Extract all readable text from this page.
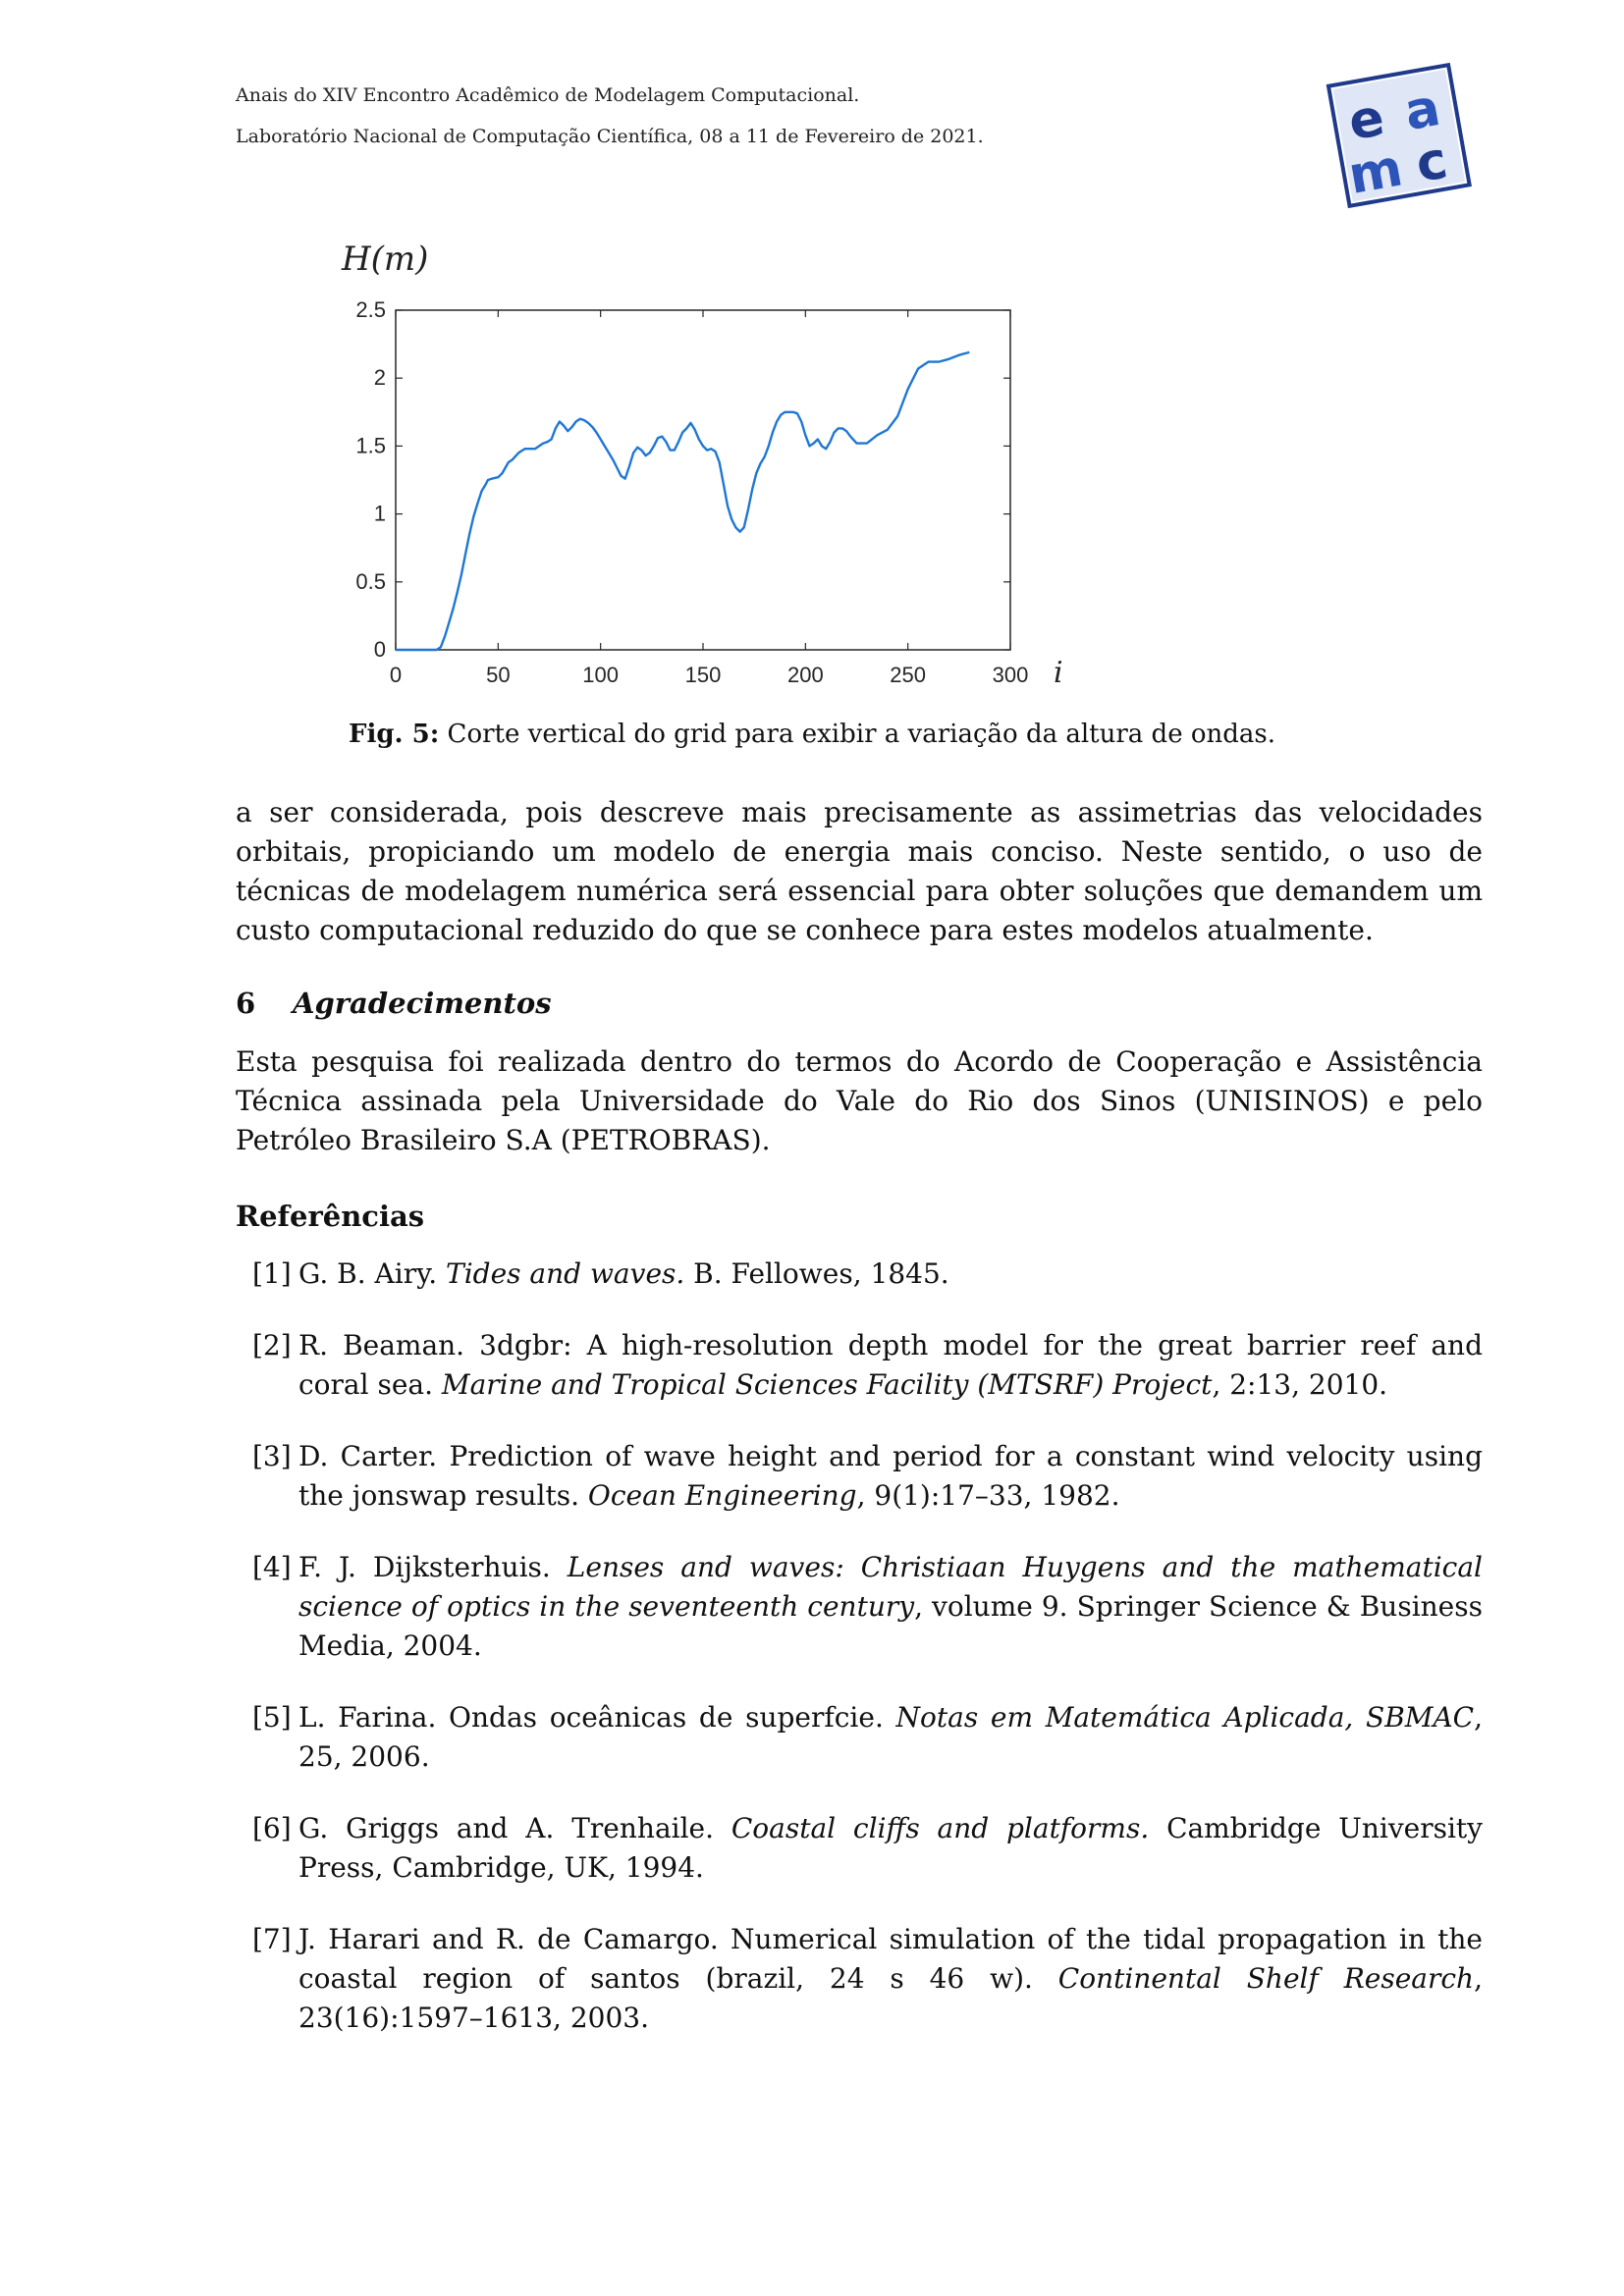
Anais do XIV Encontro Acadêmico de Modelagem Computacional.
Laboratório Nacional de Computação Científica, 08 a 11 de Fevereiro de 2021.	e a
m c
0	50	100	150	200	250	300
0
0.5
1
1.5
2
2.5
H(m)
i
Fig. 5: Corte vertical do grid para exibir a variação da altura de ondas.
a ser considerada, pois descreve mais precisamente as assimetrias das velocidades orbitais, propiciando um modelo de energia mais conciso. Neste sentido, o uso de técnicas de modelagem numérica será essencial para obter soluções que demandem um custo computacional reduzido do que se conhece para estes modelos atualmente.
6 Agradecimentos
Esta pesquisa foi realizada dentro do termos do Acordo de Cooperação e Assistência Técnica assinada pela Universidade do Vale do Rio dos Sinos (UNISINOS) e pelo Petróleo Brasileiro S.A (PETROBRAS).
Referências
[1] G. B. Airy. Tides and waves. B. Fellowes, 1845.
[2] R. Beaman. 3dgbr: A high-resolution depth model for the great barrier reef and coral sea. Marine and Tropical Sciences Facility (MTSRF) Project, 2:13, 2010.
[3] D. Carter. Prediction of wave height and period for a constant wind velocity using the jonswap results. Ocean Engineering, 9(1):17–33, 1982.
[4] F. J. Dijksterhuis. Lenses and waves: Christiaan Huygens and the mathematical science of optics in the seventeenth century, volume 9. Springer Science & Business Media, 2004.
[5] L. Farina. Ondas oceânicas de superfcie. Notas em Matemática Aplicada, SBMAC, 25, 2006.
[6] G. Griggs and A. Trenhaile. Coastal cliffs and platforms. Cambridge University Press, Cambridge, UK, 1994.
[7] J. Harari and R. de Camargo. Numerical simulation of the tidal propagation in the coastal region of santos (brazil, 24 s 46 w). Continental Shelf Research, 23(16):1597–1613, 2003.
